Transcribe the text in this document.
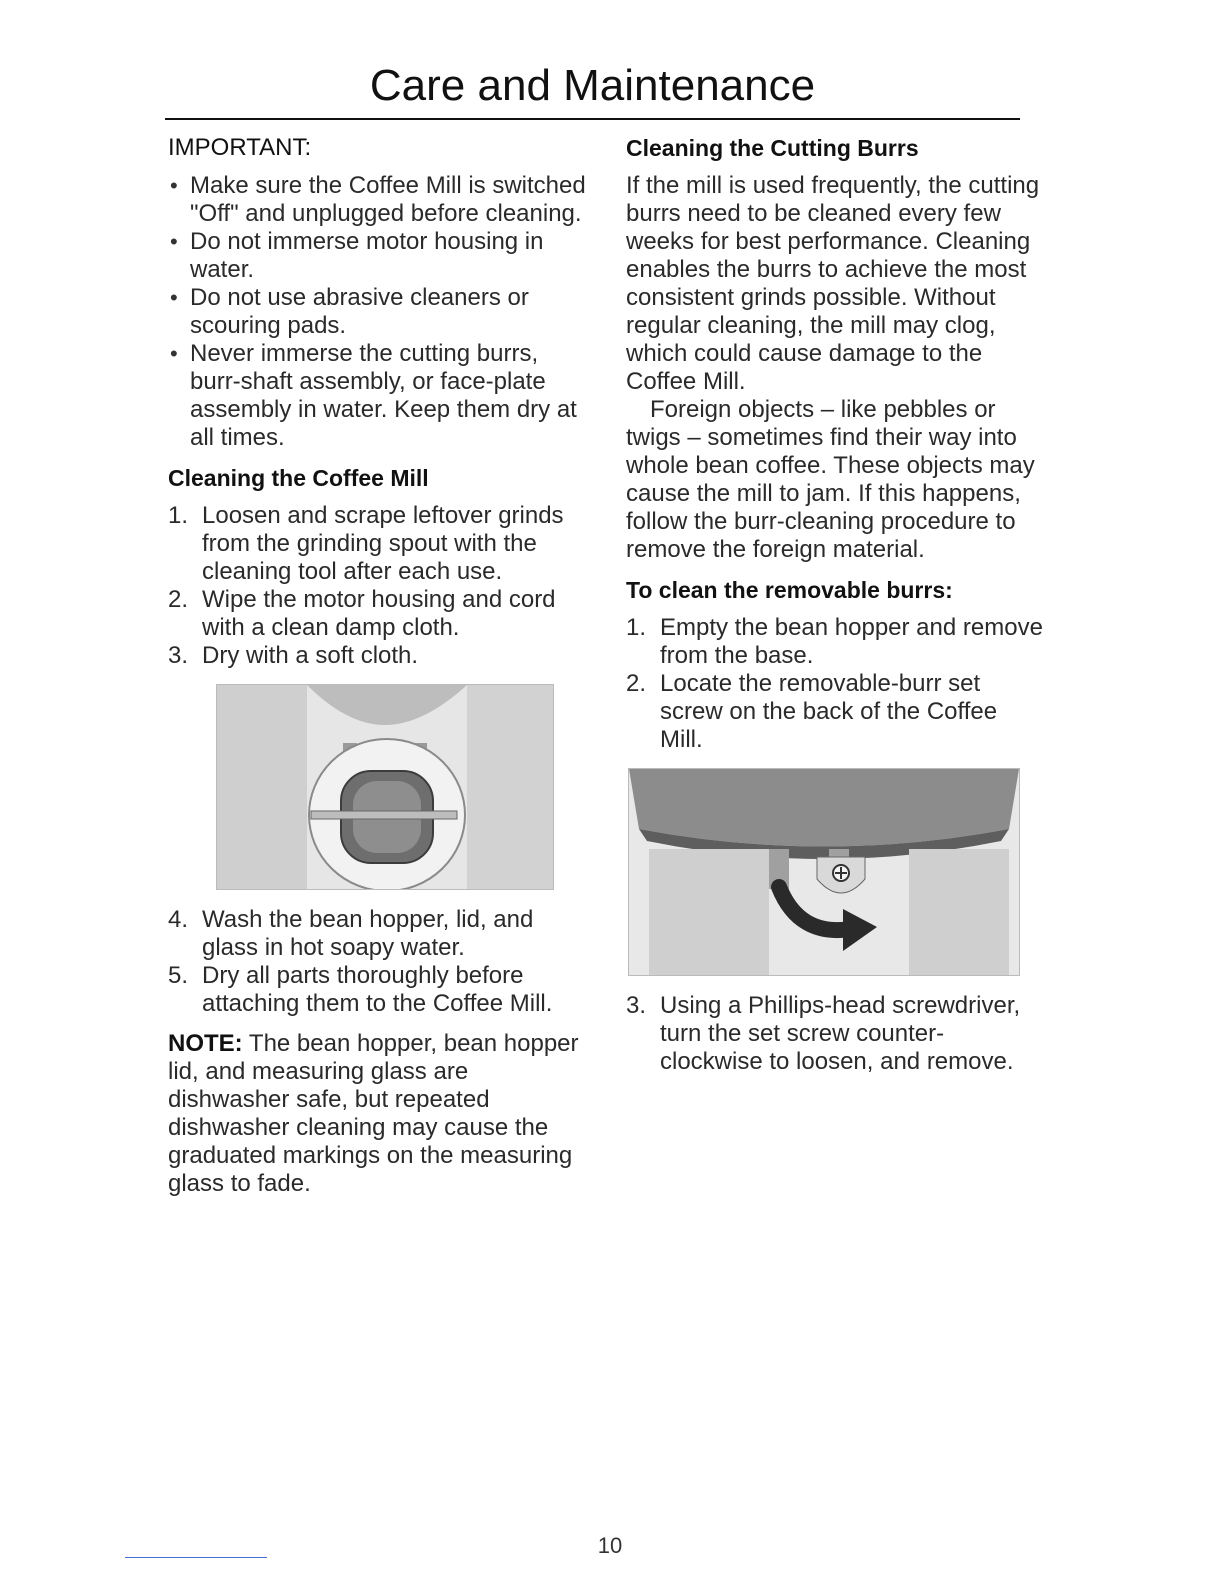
Care and Maintenance
IMPORTANT:
• Make sure the Coffee Mill is switched "Off" and unplugged before cleaning.
• Do not immerse motor housing in water.
• Do not use abrasive cleaners or scouring pads.
• Never immerse the cutting burrs, burr-shaft assembly, or face-plate assembly in water. Keep them dry at all times.
Cleaning the Coffee Mill
1. Loosen and scrape leftover grinds from the grinding spout with the cleaning tool after each use.
2. Wipe the motor housing and cord with a clean damp cloth.
3. Dry with a soft cloth.
4. Wash the bean hopper, lid, and glass in hot soapy water.
5. Dry all parts thoroughly before attaching them to the Coffee Mill.

NOTE: The bean hopper, bean hopper lid, and measuring glass are dishwasher safe, but repeated dishwasher cleaning may cause the graduated markings on the measuring glass to fade.

Cleaning the Cutting Burrs

If the mill is used frequently, the cutting burrs need to be cleaned every few weeks for best performance. Cleaning enables the burrs to achieve the most consistent grinds possible. Without regular cleaning, the mill may clog, which could cause damage to the Coffee Mill.

Foreign objects – like pebbles or twigs – sometimes find their way into whole bean coffee. These objects may cause the mill to jam. If this happens, follow the burr-cleaning procedure to remove the foreign material.

To clean the removable burrs:
1. Empty the bean hopper and remove from the base.
2. Locate the removable-burr set screw on the back of the Coffee Mill.
3. Using a Phillips-head screwdriver, turn the set screw counter-clockwise to loosen, and remove.
10
